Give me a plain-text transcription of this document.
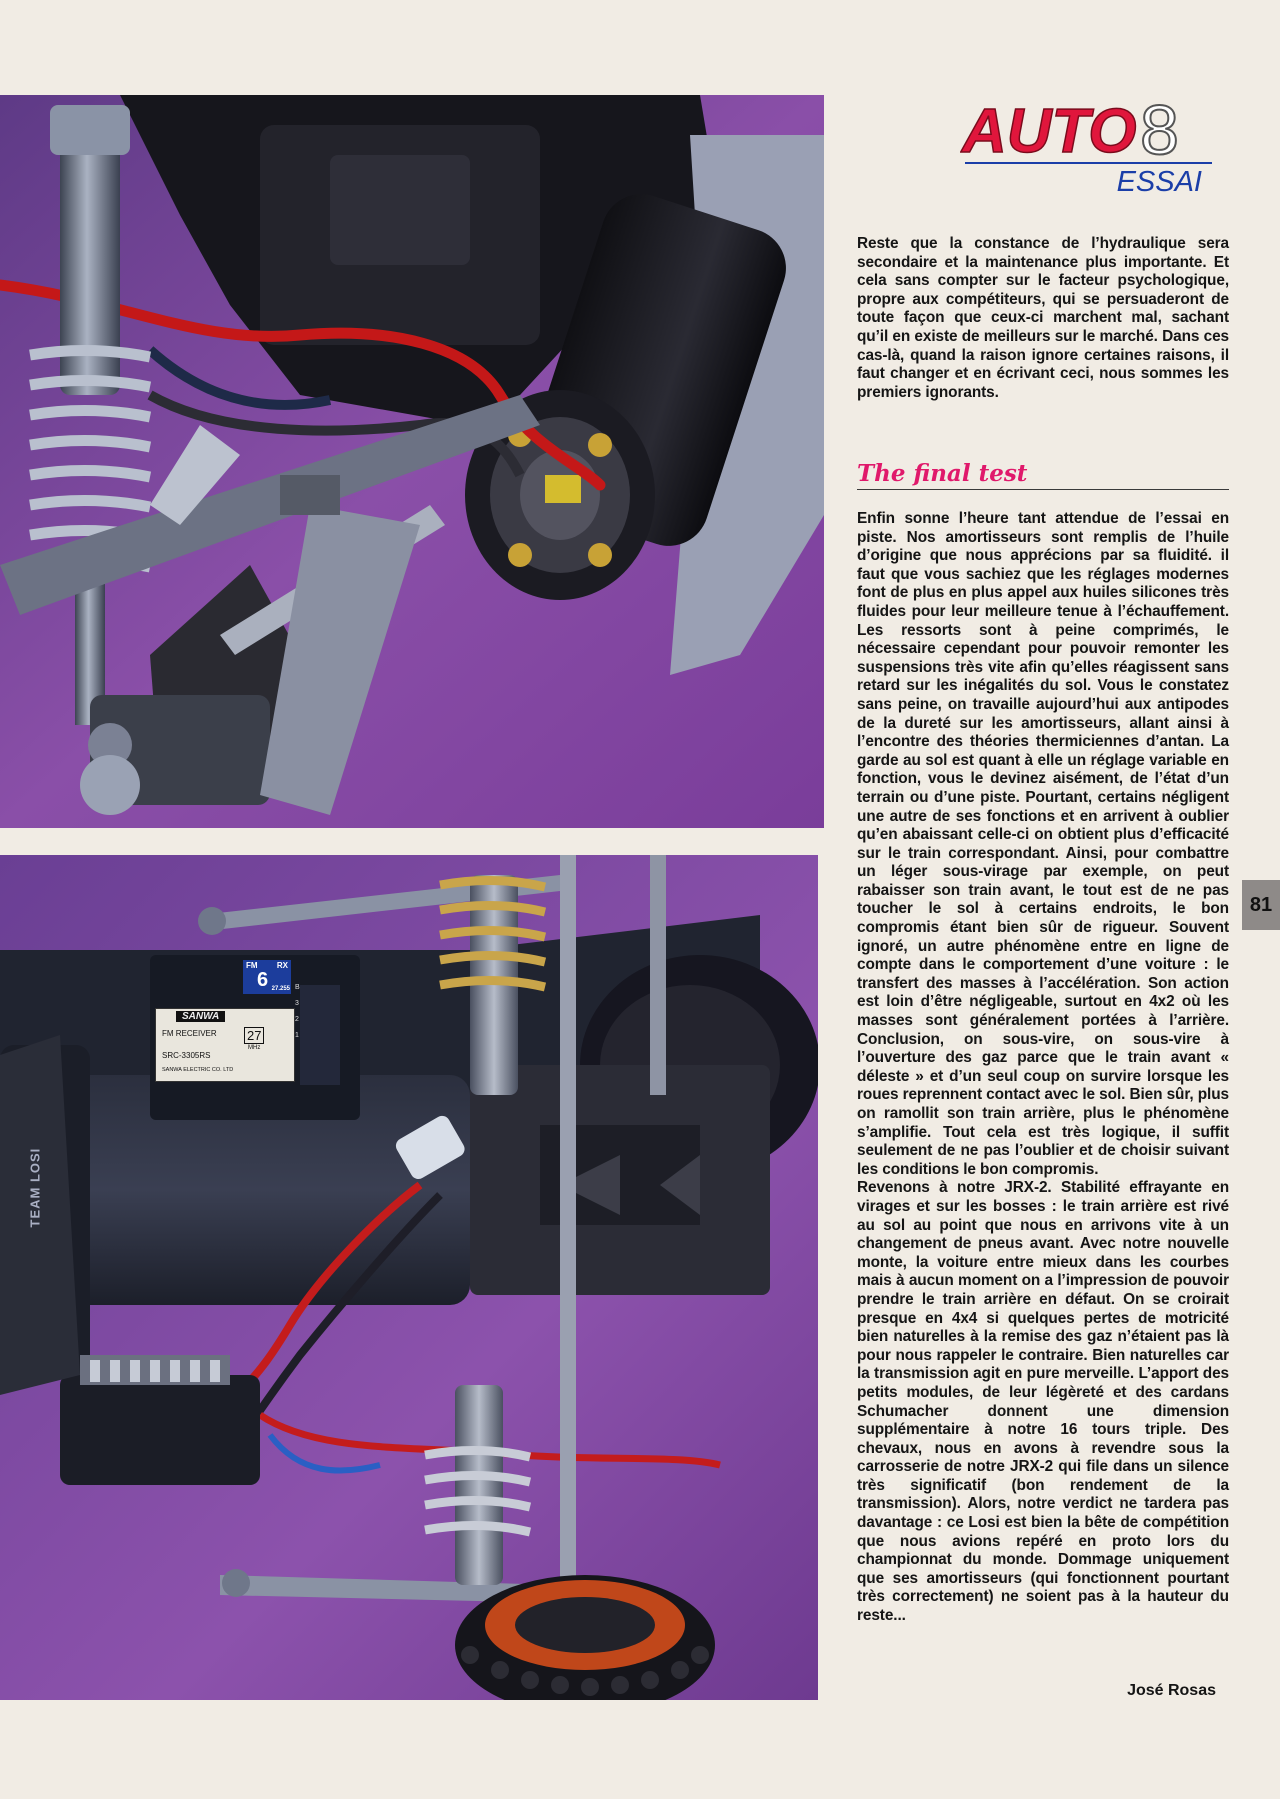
FM RX
6 27.255
SANWA
FM RECEIVER
SRC-3305RS
27
MHz
SANWA ELECTRIC CO. LTD
B
3
2
1
TEAM LOSI
AUTO 8
ESSAI

Reste que la constance de l’hydraulique sera secondaire et la maintenance plus importante. Et cela sans compter sur le facteur psychologique, propre aux compétiteurs, qui se persuaderont de toute façon que ceux-ci marchent mal, sachant qu’il en existe de meilleurs sur le marché. Dans ces cas-là, quand la raison ignore certaines raisons, il faut changer et en écrivant ceci, nous sommes les premiers ignorants.

The final test

Enfin sonne l’heure tant attendue de l’essai en piste. Nos amortisseurs sont remplis de l’huile d’origine que nous apprécions par sa fluidité. il faut que vous sachiez que les réglages modernes font de plus en plus appel aux huiles silicones très fluides pour leur meilleure tenue à l’échauffement. Les ressorts sont à peine comprimés, le nécessaire cependant pour pouvoir remonter les suspensions très vite afin qu’elles réagissent sans retard sur les inégalités du sol. Vous le constatez sans peine, on travaille aujourd’hui aux antipodes de la dureté sur les amortisseurs, allant ainsi à l’encontre des théories thermiciennes d’antan. La garde au sol est quant à elle un réglage variable en fonction, vous le devinez aisément, de l’état d’un terrain ou d’une piste. Pourtant, certains négligent une autre de ses fonctions et en arrivent à oublier qu’en abaissant celle-ci on obtient plus d’efficacité sur le train correspondant. Ainsi, pour combattre un léger sous-virage par exemple, on peut rabaisser son train avant, le tout est de ne pas toucher le sol à certains endroits, le bon compromis étant bien sûr de rigueur. Souvent ignoré, un autre phénomène entre en ligne de compte dans le comportement d’une voiture : le transfert des masses à l’accélération. Son action est loin d’être négligeable, surtout en 4x2 où les masses sont généralement portées à l’arrière. Conclusion, on sous-vire, on sous-vire à l’ouverture des gaz parce que le train avant « déleste » et d’un seul coup on survire lorsque les roues reprennent contact avec le sol. Bien sûr, plus on ramollit son train arrière, plus le phénomène s’amplifie. Tout cela est très logique, il suffit seulement de ne pas l’oublier et de choisir suivant les conditions le bon compromis.

Revenons à notre JRX-2. Stabilité effrayante en virages et sur les bosses : le train arrière est rivé au sol au point que nous en arrivons vite à un changement de pneus avant. Avec notre nouvelle monte, la voiture entre mieux dans les courbes mais à aucun moment on a l’impression de pouvoir prendre le train arrière en défaut. On se croirait presque en 4x4 si quelques pertes de motricité bien naturelles à la remise des gaz n’étaient pas là pour nous rappeler le contraire. Bien naturelles car la transmission agit en pure merveille. L’apport des petits modules, de leur légèreté et des cardans Schumacher donnent une dimension supplémentaire à notre 16 tours triple. Des chevaux, nous en avons à revendre sous la carrosserie de notre JRX-2 qui file dans un silence très significatif (bon rendement de la transmission). Alors, notre verdict ne tardera pas davantage : ce Losi est bien la bête de compétition que nous avions repéré en proto lors du championnat du monde. Dommage uniquement que ses amortisseurs (qui fonctionnent pourtant très correctement) ne soient pas à la hauteur du reste...

José Rosas
81
